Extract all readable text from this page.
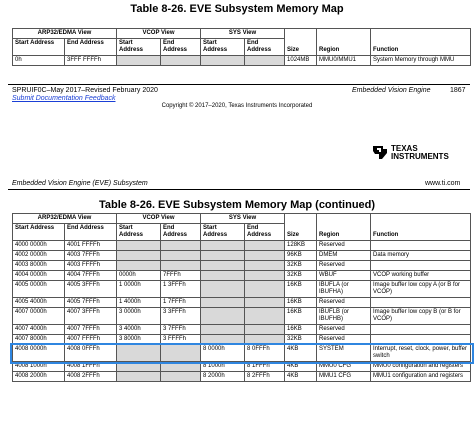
Table 8-26. EVE Subsystem Memory Map
ARP32/EDMA View		VCOP View		SYS View		Size	Region	Function
Start Address	End Address	Start Address	End Address	Start Address	End Address			
0h	3FFF FFFFh					1024MB	MMU0/MMU1	System Memory through MMU
SPRUIF0C–May 2017–Revised February 2020	Embedded Vision Engine	1867
Submit Documentation Feedback
Copyright © 2017–2020, Texas Instruments Incorporated
TEXAS
INSTRUMENTS
Embedded Vision Engine (EVE) Subsystem	www.ti.com
Table 8-26. EVE Subsystem Memory Map (continued)
ARP32/EDMA View		VCOP View		SYS View		Size	Region	Function
Start Address	End Address	Start Address	End Address	Start Address	End Address			
4000 0000h	4001 FFFFh					128KB	Reserved	
4002 0000h	4003 7FFFh					96KB	DMEM	Data memory
4003 8000h	4003 FFFFh					32KB	Reserved	
4004 0000h	4004 7FFFh	0000h	7FFFh			32KB	WBUF	VCOP working buffer
4005 0000h	4005 3FFFh	1 0000h	1 3FFFh			16KB	IBUFLA (or IBUFHA)	Image buffer low copy A (or B for VCOP)
4005 4000h	4005 7FFFh	1 4000h	1 7FFFh			16KB	Reserved	
4007 0000h	4007 3FFFh	3 0000h	3 3FFFh			16KB	IBUFLB (or IBUFHB)	Image buffer low copy B (or B for VCOP)
4007 4000h	4007 7FFFh	3 4000h	3 7FFFh			16KB	Reserved	
4007 8000h	4007 FFFFh	3 8000h	3 FFFFh			32KB	Reserved	
4008 0000h	4008 0FFFh			8 0000h	8 0FFFh	4KB	SYSTEM	Interrupt, reset, clock, power, buffer switch
4008 1000h	4008 1FFFh			8 1000h	8 1FFFh	4KB	MMU0 CFG	MMU0 configuration and registers
4008 2000h	4008 2FFFh			8 2000h	8 2FFFh	4KB	MMU1 CFG	MMU1 configuration and registers
